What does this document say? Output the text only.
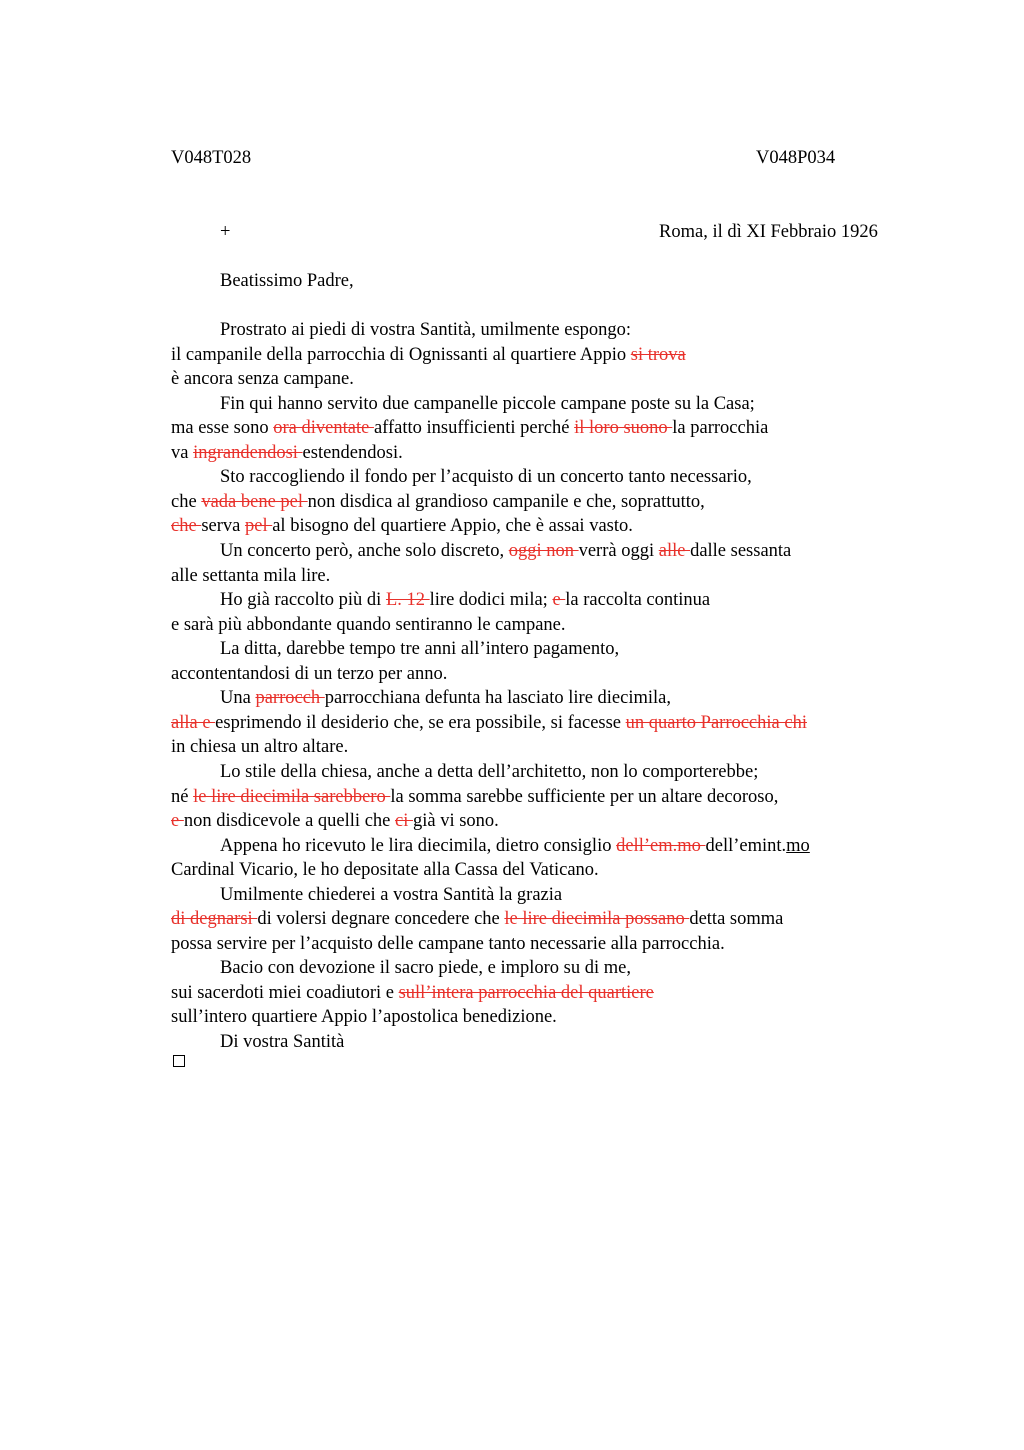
V048T028	V048P034
+	Roma, il dì XI Febbraio 1926
Beatissimo Padre,
Prostrato ai piedi di vostra Santità, umilmente espongo:
il campanile della parrocchia di Ognissanti al quartiere Appio si trova
è ancora senza campane.
Fin qui hanno servito due campanelle piccole campane poste su la Casa;
ma esse sono ora diventate affatto insufficienti perché il loro suono la parrocchia
va ingrandendosi estendendosi.
Sto raccogliendo il fondo per l’acquisto di un concerto tanto necessario,
che vada bene pel non disdica al grandioso campanile e che, soprattutto,
che serva pel al bisogno del quartiere Appio, che è assai vasto.
Un concerto però, anche solo discreto, oggi non verrà oggi alle dalle sessanta
alle settanta mila lire.
Ho già raccolto più di L. 12 lire dodici mila; e la raccolta continua
e sarà più abbondante quando sentiranno le campane.
La ditta, darebbe tempo tre anni all’intero pagamento,
accontentandosi di un terzo per anno.
Una parrocch parrocchiana defunta ha lasciato lire diecimila,
alla e esprimendo il desiderio che, se era possibile, si facesse un quarto Parrocchia chi
in chiesa un altro altare.
Lo stile della chiesa, anche a detta dell’architetto, non lo comporterebbe;
né le lire diecimila sarebbero la somma sarebbe sufficiente per un altare decoroso,
e non disdicevole a quelli che ci già vi sono.
Appena ho ricevuto le lira diecimila, dietro consiglio dell’em.mo dell’emint.mo
Cardinal Vicario, le ho depositate alla Cassa del Vaticano.
Umilmente chiederei a vostra Santità la grazia
di degnarsi di volersi degnare concedere che le lire diecimila possano detta somma
possa servire per l’acquisto delle campane tanto necessarie alla parrocchia.
Bacio con devozione il sacro piede, e imploro su di me,
sui sacerdoti miei coadiutori e sull’intera parrocchia del quartiere
sull’intero quartiere Appio l’apostolica benedizione.
Di vostra Santità
